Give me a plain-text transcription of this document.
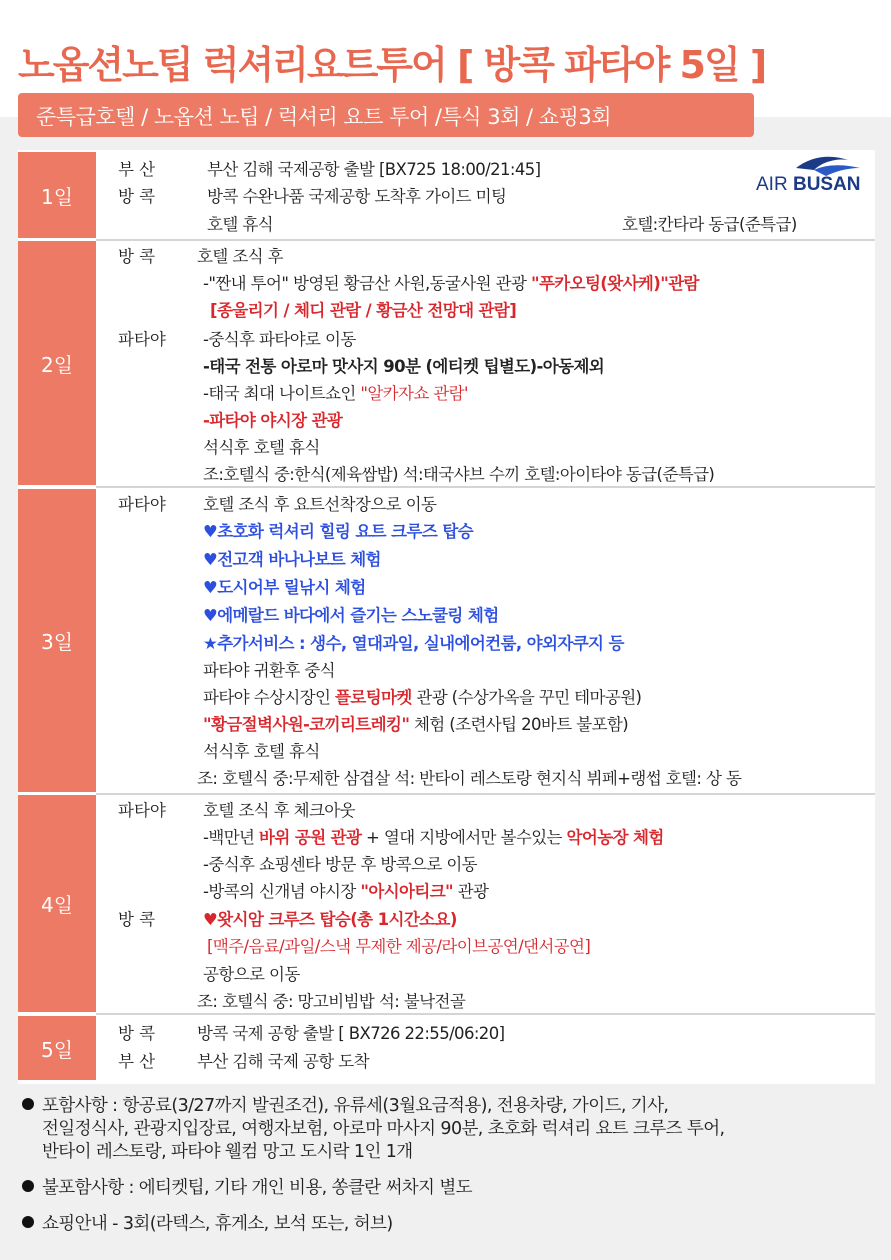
노옵션노팁 럭셔리요트투어 [ 방콕 파타야 5일 ]
준특급호텔 / 노옵션 노팁 / 럭셔리 요트 투어 /특식 3회 / 쇼핑3회
1일
2일
3일
4일
5일
AIR BUSAN
부 산
방 콕
부산 김해 국제공항 출발 [BX725 18:00/21:45]
방콕 수완나품 국제공항 도착후 가이드 미팅
호텔 휴식	호텔:칸타라 동급(준특급)
방 콕
파타야
호텔 조식 후
-"짠내 투어" 방영된 황금산 사원,동굴사원 관광 "푸카오팅(왓사케)"관람
[종울리기 / 체디 관람 / 황금산 전망대 관람]
-중식후 파타야로 이동
-태국 전통 아로마 맛사지 90분 (에티켓 팁별도)-아동제외
-태국 최대 나이트쇼인 "알카자쇼 관람'
-파타야 야시장 관광
석식후 호텔 휴식
조:호텔식 중:한식(제육쌈밥) 석:태국샤브 수끼 호텔:아이타야 동급(준특급)
파타야 호텔 조식 후 요트선착장으로 이동
♥초호화 럭셔리 힐링 요트 크루즈 탑승
♥전고객 바나나보트 체험
♥도시어부 릴낚시 체험
♥에메랄드 바다에서 즐기는 스노쿨링 체험
★추가서비스 : 생수, 열대과일, 실내에어컨룸, 야외자쿠지 등
파타야 귀환후 중식
파타야 수상시장인 플로팅마켓 관광 (수상가옥을 꾸민 테마공원)
"황금절벽사원-코끼리트레킹" 체험 (조련사팁 20바트 불포함)
석식후 호텔 휴식
조: 호텔식 중:무제한 삼겹살 석: 반타이 레스토랑 현지식 뷔페+랭썹 호텔: 상 동
파타야
방 콕
호텔 조식 후 체크아웃
-백만년 바위 공원 관광 + 열대 지방에서만 볼수있는 악어농장 체험
-중식후 쇼핑센타 방문 후 방콕으로 이동
-방콕의 신개념 야시장 "아시아티크" 관광
♥왓시암 크루즈 탑승(총 1시간소요)
[맥주/음료/과일/스낵 무제한 제공/라이브공연/댄서공연]
공항으로 이동
조: 호텔식 중: 망고비빔밥 석: 불낙전골
방 콕
부 산
방콕 국제 공항 출발 [ BX726 22:55/06:20]
부산 김해 국제 공항 도착
포함사항 : 항공료(3/27까지 발권조건), 유류세(3월요금적용), 전용차량, 가이드, 기사,
전일정식사, 관광지입장료, 여행자보험, 아로마 마사지 90분, 초호화 럭셔리 요트 크루즈 투어,
반타이 레스토랑, 파타야 웰컴 망고 도시락 1인 1개
불포함사항 : 에티켓팁, 기타 개인 비용, 쏭클란 써차지 별도
쇼핑안내 - 3회(라텍스, 휴게소, 보석 또는, 허브)
